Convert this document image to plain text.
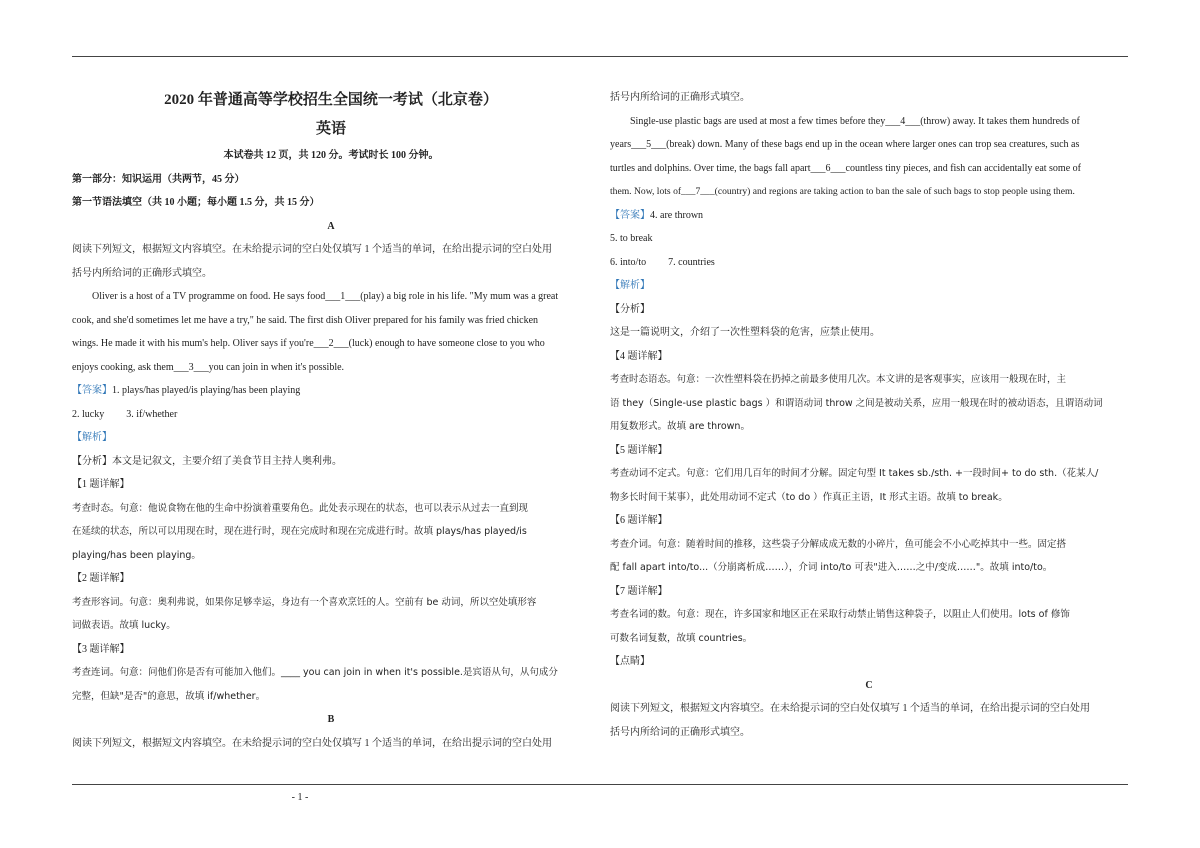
2020 年普通高等学校招生全国统一考试（北京卷）
英语
本试卷共 12 页，共 120 分。考试时长 100 分钟。
第一部分：知识运用（共两节，45 分）
第一节语法填空（共 10 小题；每小题 1.5 分，共 15 分）
A
阅读下列短文，根据短文内容填空。在未给提示词的空白处仅填写 1 个适当的单词，在给出提示词的空白处用
括号内所给词的正确形式填空。
Oliver is a host of a TV programme on food. He says food___1___(play) a big role in his life. "My mum was a great
cook, and she'd sometimes let me have a try," he said. The first dish Oliver prepared for his family was fried chicken
wings. He made it with his mum's help. Oliver says if you're___2___(luck) enough to have someone close to you who
enjoys cooking, ask them___3___you can join in when it's possible.
【答案】1. plays/has played/is playing/has been playing
2. lucky 3. if/whether
【解析】
【分析】本文是记叙文，主要介绍了美食节目主持人奥利弗。
【1 题详解】
考查时态。句意：他说食物在他的生命中扮演着重要角色。此处表示现在的状态，也可以表示从过去一直到现
在延续的状态，所以可以用现在时，现在进行时，现在完成时和现在完成进行时。故填 plays/has played/is
playing/has been playing。
【2 题详解】
考查形容词。句意：奥利弗说，如果你足够幸运，身边有一个喜欢烹饪的人。空前有 be 动词，所以空处填形容
词做表语。故填 lucky。
【3 题详解】
考查连词。句意：问他们你是否有可能加入他们。____ you can join in when it's possible.是宾语从句，从句成分
完整，但缺"是否"的意思，故填 if/whether。
B
阅读下列短文，根据短文内容填空。在未给提示词的空白处仅填写 1 个适当的单词，在给出提示词的空白处用
括号内所给词的正确形式填空。
Single-use plastic bags are used at most a few times before they___4___(throw) away. It takes them hundreds of
years___5___(break) down. Many of these bags end up in the ocean where larger ones can trop sea creatures, such as
turtles and dolphins. Over time, the bags fall apart___6___countless tiny pieces, and fish can accidentally eat some of
them. Now, lots of___7___(country) and regions are taking action to ban the sale of such bags to stop people using them.
【答案】4. are thrown
5. to break
6. into/to 7. countries
【解析】
【分析】
这是一篇说明文，介绍了一次性塑料袋的危害，应禁止使用。
【4 题详解】
考查时态语态。句意：一次性塑料袋在扔掉之前最多使用几次。本文讲的是客观事实，应该用一般现在时，主
语 they（Single-use plastic bags ）和谓语动词 throw 之间是被动关系，应用一般现在时的被动语态，且谓语动词
用复数形式。故填 are thrown。
【5 题详解】
考查动词不定式。句意：它们用几百年的时间才分解。固定句型 It takes sb./sth. +一段时间+ to do sth.（花某人/
物多长时间干某事），此处用动词不定式（to do ）作真正主语，It 形式主语。故填 to break。
【6 题详解】
考查介词。句意：随着时间的推移，这些袋子分解成成无数的小碎片，鱼可能会不小心吃掉其中一些。固定搭
配 fall apart into/to...（分崩离析成……），介词 into/to 可表"进入……之中/变成……"。故填 into/to。
【7 题详解】
考查名词的数。句意：现在，许多国家和地区正在采取行动禁止销售这种袋子，以阻止人们使用。lots of 修饰
可数名词复数，故填 countries。
【点睛】
C
阅读下列短文，根据短文内容填空。在未给提示词的空白处仅填写 1 个适当的单词，在给出提示词的空白处用
括号内所给词的正确形式填空。
- 1 -
